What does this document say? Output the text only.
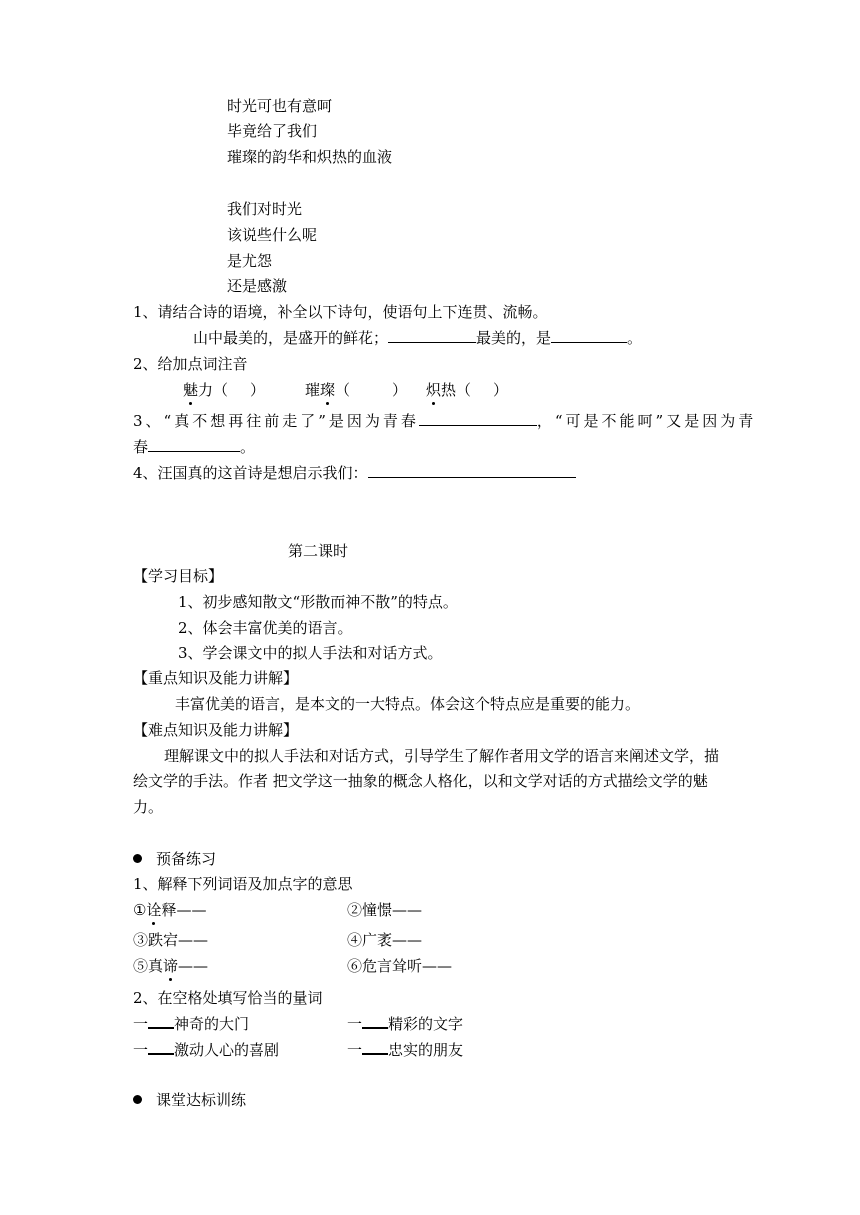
时光可也有意呵
毕竟给了我们
璀璨的韵华和炽热的血液
我们对时光
该说些什么呢
是尤怨
还是感激
1、请结合诗的语境，补全以下诗句，使语句上下连贯、流畅。
山中最美的，是盛开的鲜花；	最美的，是	。
2、给加点词注音
魅力（ ）	璀璨（	） 炽热（ ）
3、“真不想再往前走了”是因为青春	，“可是不能呵”又是因为青
春	。
4、汪国真的这首诗是想启示我们：
第二课时
【学习目标】
1、初步感知散文“形散而神不散”的特点。
2、体会丰富优美的语言。
3、学会课文中的拟人手法和对话方式。
【重点知识及能力讲解】
丰富优美的语言，是本文的一大特点。体会这个特点应是重要的能力。
【难点知识及能力讲解】
理解课文中的拟人手法和对话方式，引导学生了解作者用文学的语言来阐述文学，描
绘文学的手法。作者 把文学这一抽象的概念人格化，以和文学对话的方式描绘文学的魅
力。
预备练习
1、解释下列词语及加点字的意思
①诠释——	②憧憬——
③跌宕——	④广袤——
⑤真谛——	⑥危言耸听——
2、在空格处填写恰当的量词
一 神奇的大门	一 精彩的文字
一 激动人心的喜剧	一 忠实的朋友
课堂达标训练
